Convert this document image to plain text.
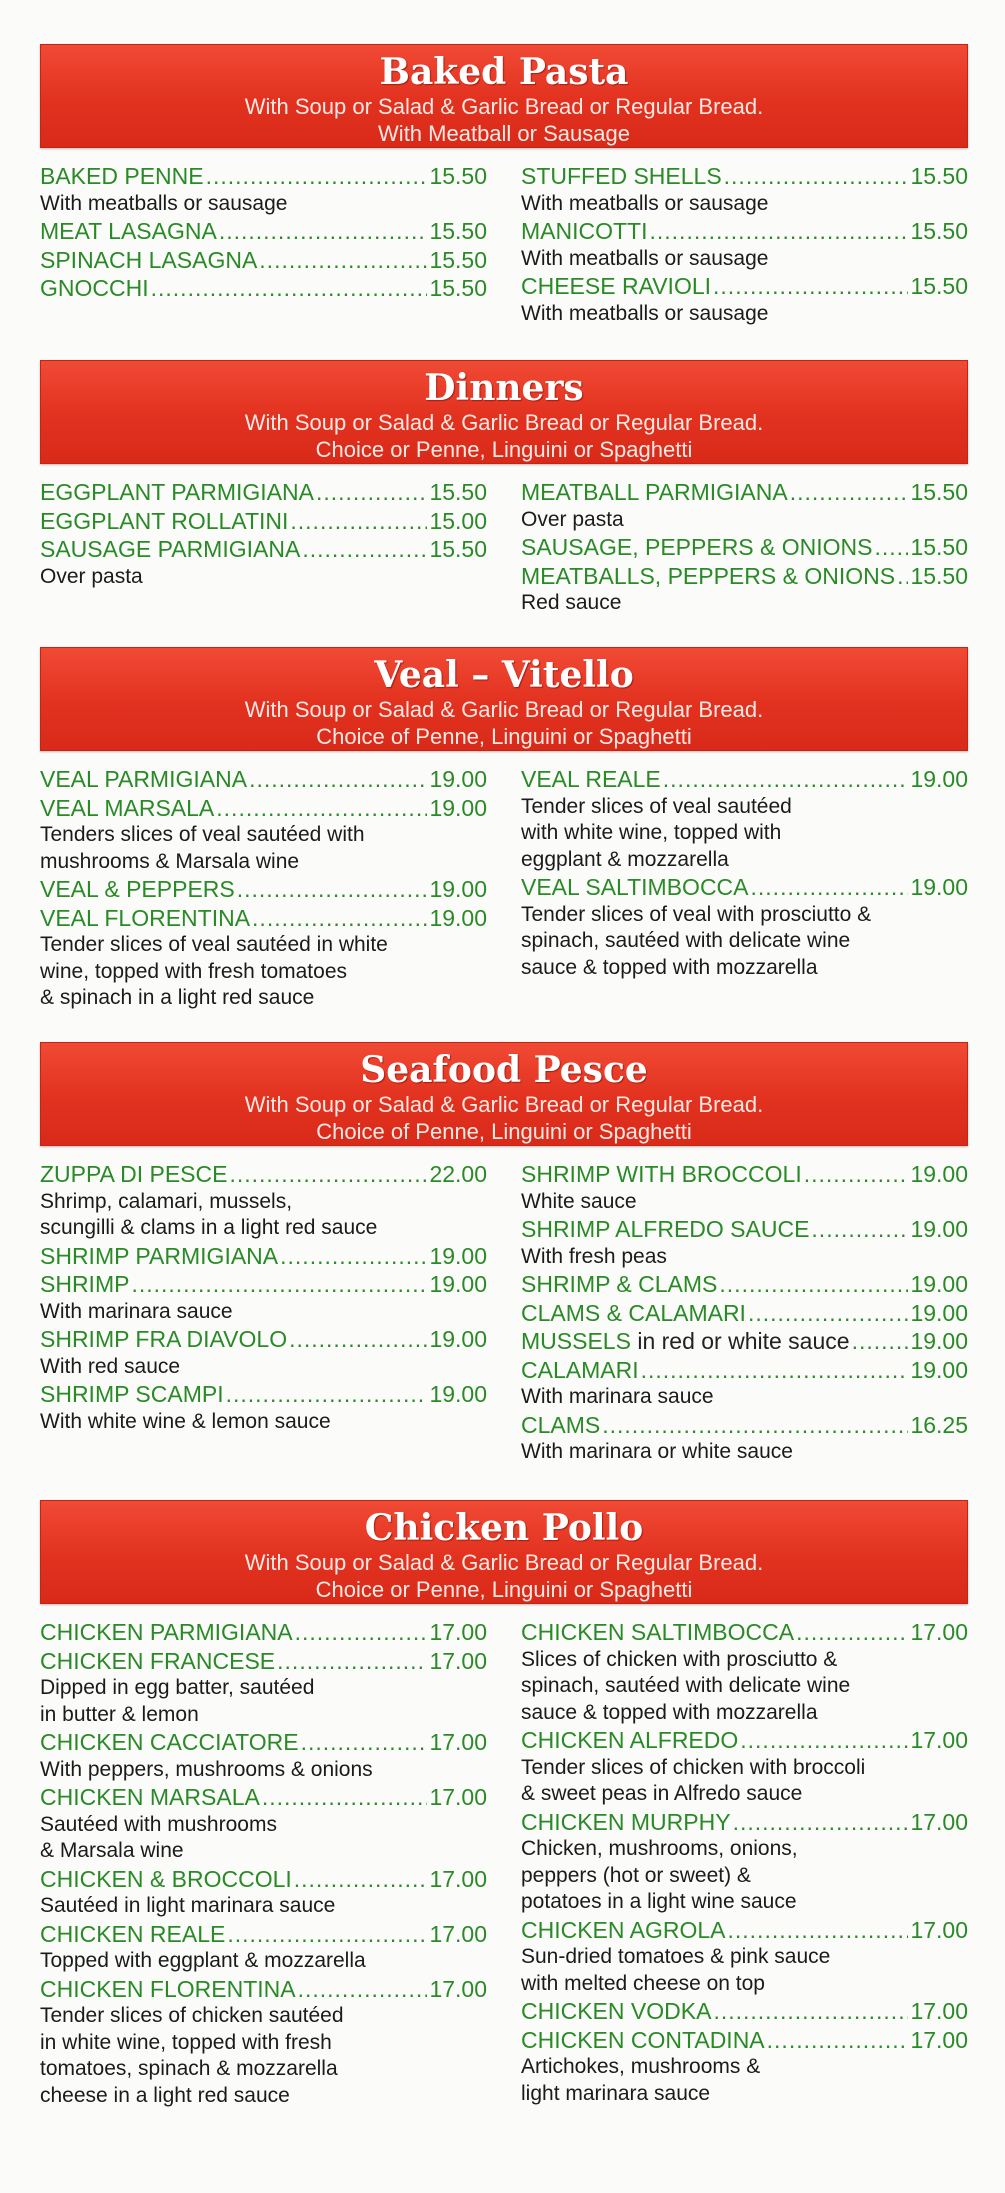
Baked Pasta
With Soup or Salad & Garlic Bread or Regular Bread.
With Meatball or Sausage
BAKED PENNE .....	15.50
With meatballs or sausage
MEAT LASAGNA .....	15.50
SPINACH LASAGNA .....	15.50
GNOCCHI .....	15.50
STUFFED SHELLS .....	15.50
With meatballs or sausage
MANICOTTI .....	15.50
With meatballs or sausage
CHEESE RAVIOLI .....	15.50
With meatballs or sausage
Dinners
With Soup or Salad & Garlic Bread or Regular Bread.
Choice or Penne, Linguini or Spaghetti
EGGPLANT PARMIGIANA .....	15.50
EGGPLANT ROLLATINI .....	15.00
SAUSAGE PARMIGIANA .....	15.50
Over pasta
MEATBALL PARMIGIANA .....	15.50
Over pasta
SAUSAGE, PEPPERS & ONIONS ..... 15.50
MEATBALLS, PEPPERS & ONIONS ..... 15.50
Red sauce
Veal – Vitello
With Soup or Salad & Garlic Bread or Regular Bread.
Choice of Penne, Linguini or Spaghetti
VEAL PARMIGIANA .....	19.00
VEAL MARSALA .....	19.00
Tenders slices of veal sautéed with
mushrooms & Marsala wine
VEAL & PEPPERS .....	19.00
VEAL FLORENTINA .....	19.00
Tender slices of veal sautéed in white
wine, topped with fresh tomatoes
& spinach in a light red sauce
VEAL REALE .....	19.00
Tender slices of veal sautéed
with white wine, topped with
eggplant & mozzarella
VEAL SALTIMBOCCA .....	19.00
Tender slices of veal with prosciutto &
spinach, sautéed with delicate wine
sauce & topped with mozzarella
Seafood Pesce
With Soup or Salad & Garlic Bread or Regular Bread.
Choice of Penne, Linguini or Spaghetti
ZUPPA DI PESCE .....	22.00
Shrimp, calamari, mussels,
scungilli & clams in a light red sauce
SHRIMP PARMIGIANA .....	19.00
SHRIMP .....	19.00
With marinara sauce
SHRIMP FRA DIAVOLO .....	19.00
With red sauce
SHRIMP SCAMPI .....	19.00
With white wine & lemon sauce
SHRIMP WITH BROCCOLI .....	19.00
White sauce
SHRIMP ALFREDO SAUCE .....	19.00
With fresh peas
SHRIMP & CLAMS .....	19.00
CLAMS & CALAMARI .....	19.00
MUSSELS in red or white sauce .....	19.00
CALAMARI .....	19.00
With marinara sauce
CLAMS .....	16.25
With marinara or white sauce
Chicken Pollo
With Soup or Salad & Garlic Bread or Regular Bread.
Choice or Penne, Linguini or Spaghetti
CHICKEN PARMIGIANA .....	17.00
CHICKEN FRANCESE .....	17.00
Dipped in egg batter, sautéed
in butter & lemon
CHICKEN CACCIATORE .....	17.00
With peppers, mushrooms & onions
CHICKEN MARSALA .....	17.00
Sautéed with mushrooms
& Marsala wine
CHICKEN & BROCCOLI .....	17.00
Sautéed in light marinara sauce
CHICKEN REALE .....	17.00
Topped with eggplant & mozzarella
CHICKEN FLORENTINA .....	17.00
Tender slices of chicken sautéed
in white wine, topped with fresh
tomatoes, spinach & mozzarella
cheese in a light red sauce
CHICKEN SALTIMBOCCA .....	17.00
Slices of chicken with prosciutto &
spinach, sautéed with delicate wine
sauce & topped with mozzarella
CHICKEN ALFREDO .....	17.00
Tender slices of chicken with broccoli
& sweet peas in Alfredo sauce
CHICKEN MURPHY .....	17.00
Chicken, mushrooms, onions,
peppers (hot or sweet) &
potatoes in a light wine sauce
CHICKEN AGROLA .....	17.00
Sun-dried tomatoes & pink sauce
with melted cheese on top
CHICKEN VODKA .....	17.00
CHICKEN CONTADINA .....	17.00
Artichokes, mushrooms &
light marinara sauce
